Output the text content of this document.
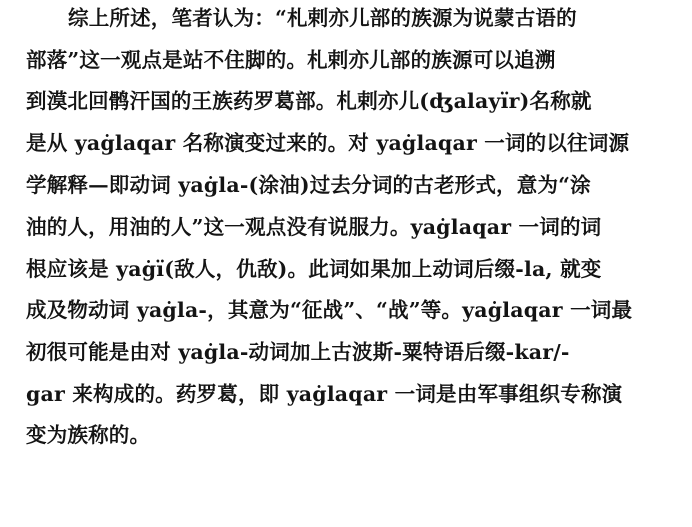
综上所述，笔者认为：“札剌亦儿部的族源为说蒙古语的
部落”这一观点是站不住脚的。札剌亦儿部的族源可以追溯
到漠北回鹘汗国的王族药罗葛部。札剌亦儿(ʤalayïr)名称就
是从 yaġlaqar 名称演变过来的。对 yaġlaqar 一词的以往词源
学解释—即动词 yaġla-(涂油)过去分词的古老形式，意为“涂
油的人，用油的人”这一观点没有说服力。yaġlaqar 一词的词
根应该是 yaġï(敌人，仇敌)。此词如果加上动词后缀-la, 就变
成及物动词 yaġla-，其意为“征战”、“战”等。yaġlaqar 一词最
初很可能是由对 yaġla-动词加上古波斯-粟特语后缀-kar/-
gar 来构成的。药罗葛，即 yaġlaqar 一词是由军事组织专称演
变为族称的。
